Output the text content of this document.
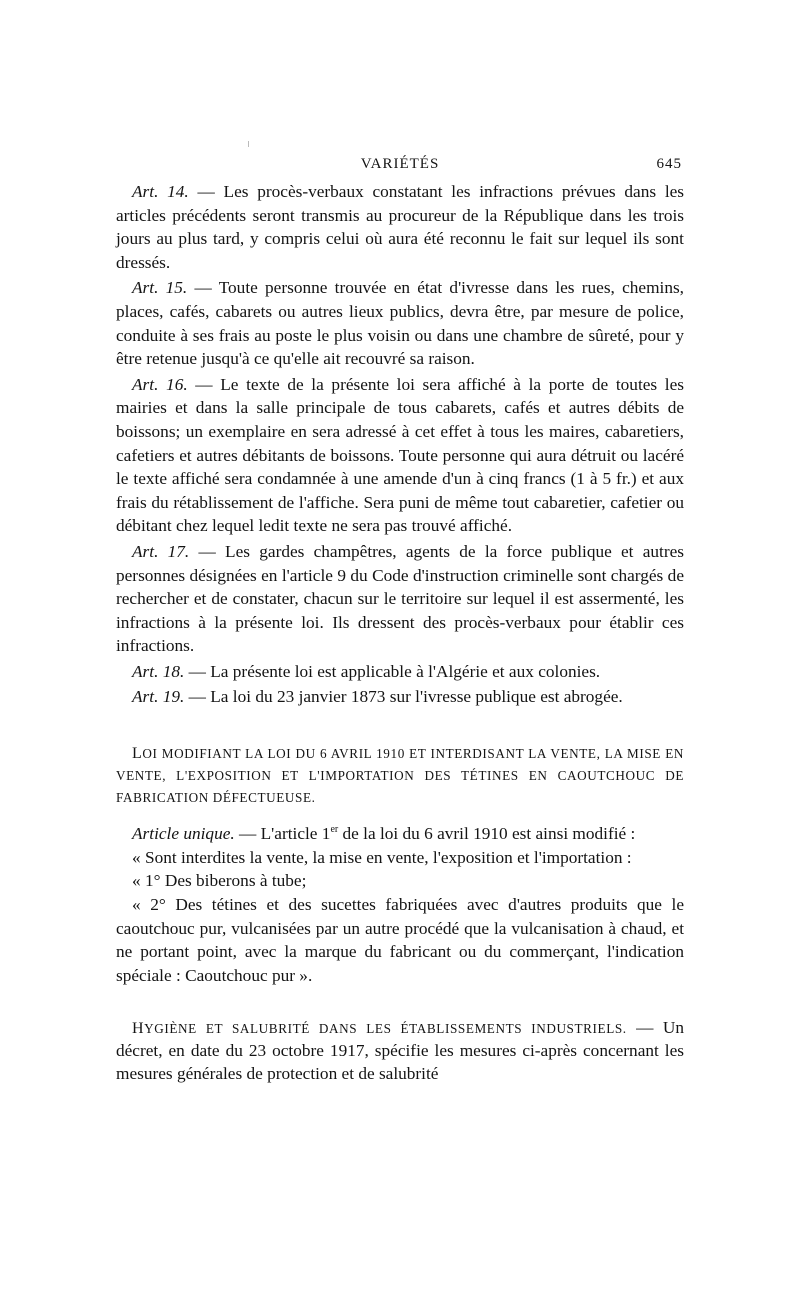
VARIÉTÉS	645

Art. 14. — Les procès-verbaux constatant les infractions prévues dans les articles précédents seront transmis au procureur de la République dans les trois jours au plus tard, y compris celui où aura été reconnu le fait sur lequel ils sont dressés.

Art. 15. — Toute personne trouvée en état d'ivresse dans les rues, chemins, places, cafés, cabarets ou autres lieux publics, devra être, par mesure de police, conduite à ses frais au poste le plus voisin ou dans une chambre de sûreté, pour y être retenue jusqu'à ce qu'elle ait recouvré sa raison.

Art. 16. — Le texte de la présente loi sera affiché à la porte de toutes les mairies et dans la salle principale de tous cabarets, cafés et autres débits de boissons; un exemplaire en sera adressé à cet effet à tous les maires, cabaretiers, cafetiers et autres débitants de boissons. Toute personne qui aura détruit ou lacéré le texte affiché sera condamnée à une amende d'un à cinq francs (1 à 5 fr.) et aux frais du rétablissement de l'affiche. Sera puni de même tout cabaretier, cafetier ou débitant chez lequel ledit texte ne sera pas trouvé affiché.

Art. 17. — Les gardes champêtres, agents de la force publique et autres personnes désignées en l'article 9 du Code d'instruction criminelle sont chargés de rechercher et de constater, chacun sur le territoire sur lequel il est assermenté, les infractions à la présente loi. Ils dressent des procès-verbaux pour établir ces infractions.

Art. 18. — La présente loi est applicable à l'Algérie et aux colonies.

Art. 19. — La loi du 23 janvier 1873 sur l'ivresse publique est abrogée.

LOI MODIFIANT LA LOI DU 6 AVRIL 1910 ET INTERDISANT LA VENTE, LA MISE EN VENTE, L'EXPOSITION ET L'IMPORTATION DES TÉTINES EN CAOUTCHOUC DE FABRICATION DÉFECTUEUSE.

Article unique. — L'article 1er de la loi du 6 avril 1910 est ainsi modifié :

« Sont interdites la vente, la mise en vente, l'exposition et l'importation :

« 1° Des biberons à tube;

« 2° Des tétines et des sucettes fabriquées avec d'autres produits que le caoutchouc pur, vulcanisées par un autre procédé que la vulcanisation à chaud, et ne portant point, avec la marque du fabricant ou du commerçant, l'indication spéciale : Caoutchouc pur ».

HYGIÈNE ET SALUBRITÉ DANS LES ÉTABLISSEMENTS INDUSTRIELS. — Un décret, en date du 23 octobre 1917, spécifie les mesures ci-après concernant les mesures générales de protection et de salubrité
